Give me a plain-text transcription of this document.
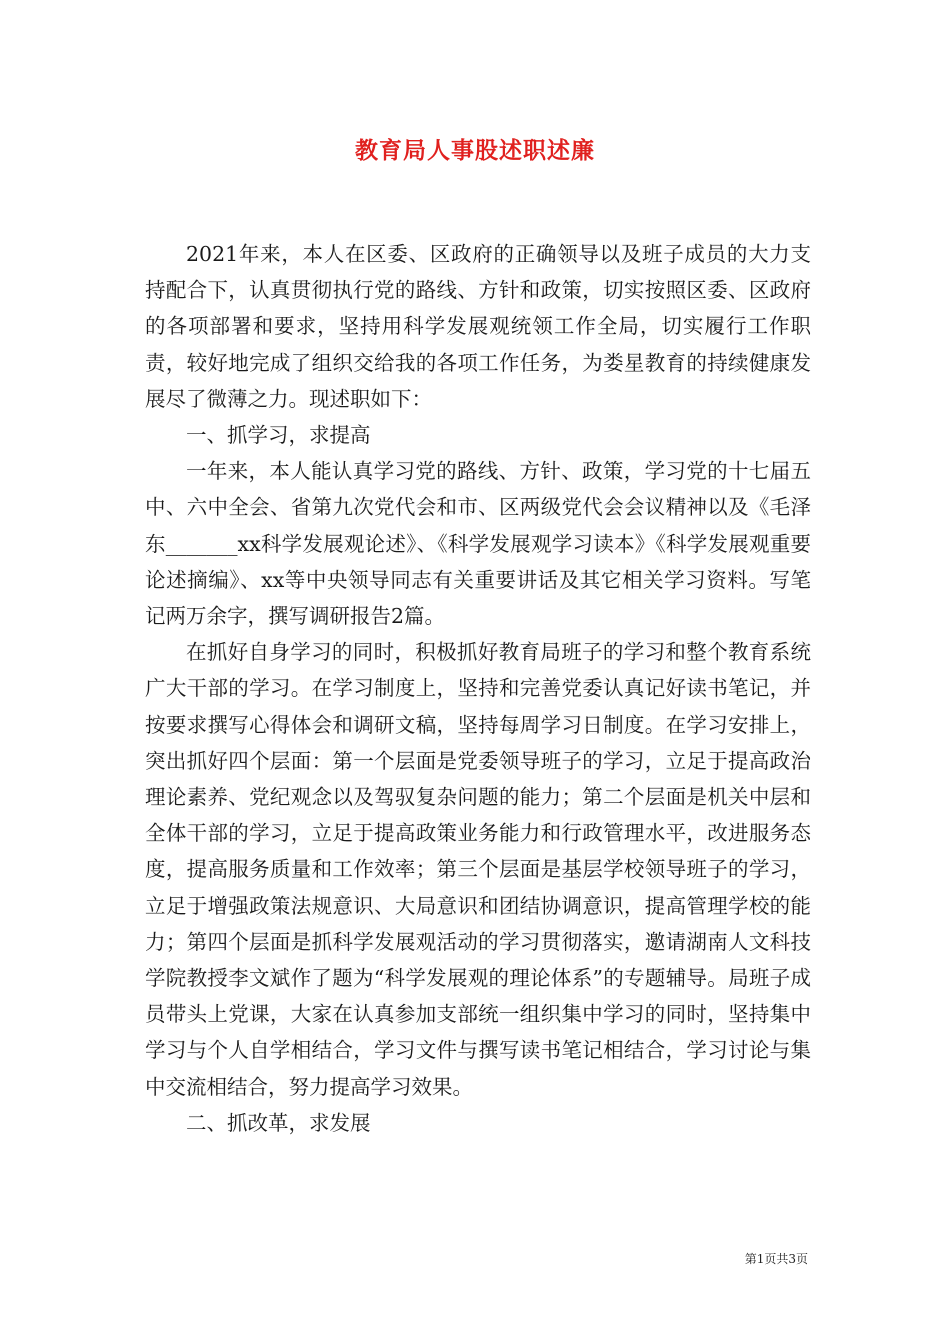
教育局人事股述职述廉

2021年来，本人在区委、区政府的正确领导以及班子成员的大力支持配合下，认真贯彻执行党的路线、方针和政策，切实按照区委、区政府的各项部署和要求，坚持用科学发展观统领工作全局，切实履行工作职责，较好地完成了组织交给我的各项工作任务，为娄星教育的持续健康发展尽了微薄之力。现述职如下：

一、抓学习，求提高

一年来，本人能认真学习党的路线、方针、政策，学习党的十七届五中、六中全会、省第九次党代会和市、区两级党代会会议精神以及《毛泽东_______xx科学发展观论述》、《科学发展观学习读本》《科学发展观重要论述摘编》、xx等中央领导同志有关重要讲话及其它相关学习资料。写笔记两万余字，撰写调研报告2篇。

在抓好自身学习的同时，积极抓好教育局班子的学习和整个教育系统广大干部的学习。在学习制度上，坚持和完善党委认真记好读书笔记，并按要求撰写心得体会和调研文稿，坚持每周学习日制度。在学习安排上，突出抓好四个层面：第一个层面是党委领导班子的学习，立足于提高政治理论素养、党纪观念以及驾驭复杂问题的能力；第二个层面是机关中层和全体干部的学习，立足于提高政策业务能力和行政管理水平，改进服务态度，提高服务质量和工作效率；第三个层面是基层学校领导班子的学习，立足于增强政策法规意识、大局意识和团结协调意识，提高管理学校的能力；第四个层面是抓科学发展观活动的学习贯彻落实，邀请湖南人文科技学院教授李文斌作了题为“科学发展观的理论体系”的专题辅导。局班子成员带头上党课，大家在认真参加支部统一组织集中学习的同时，坚持集中学习与个人自学相结合，学习文件与撰写读书笔记相结合，学习讨论与集中交流相结合，努力提高学习效果。

二、抓改革，求发展

第1页共3页
